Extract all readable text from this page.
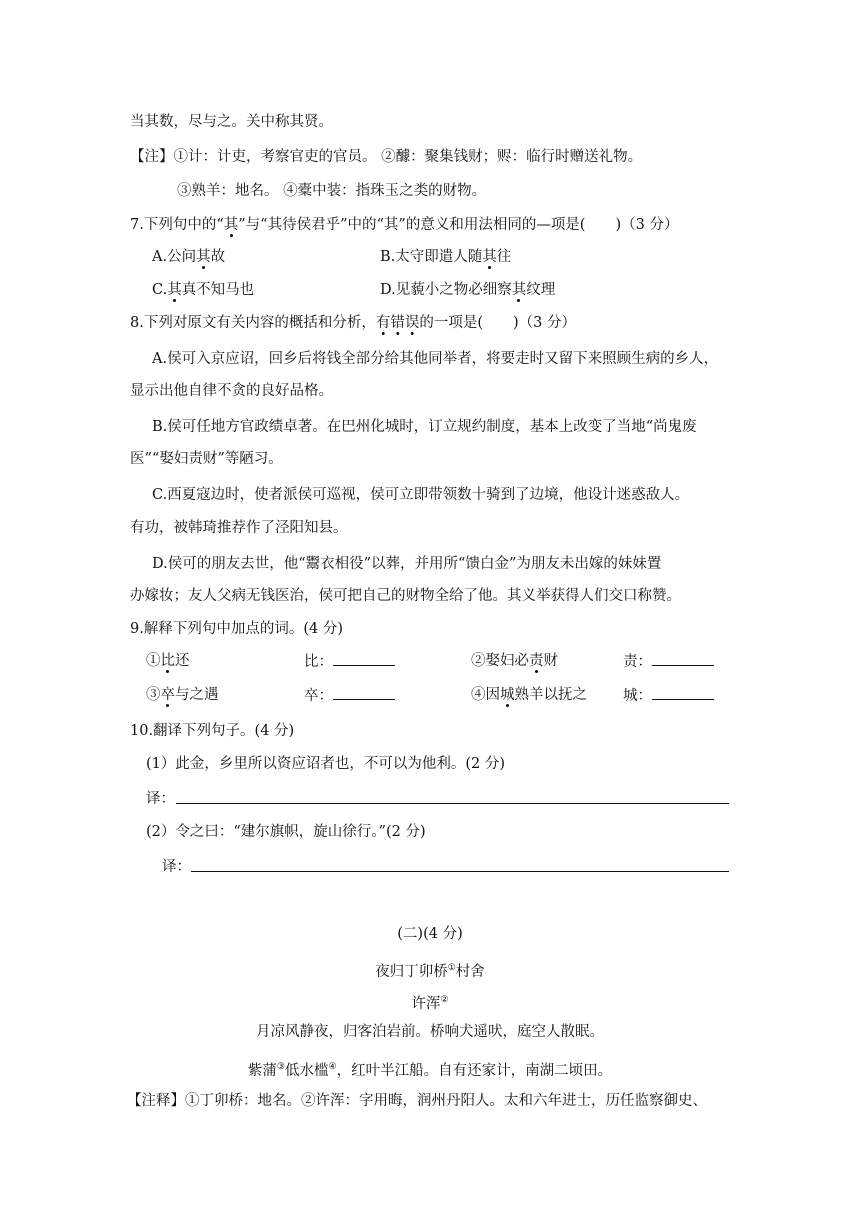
当其数，尽与之。关中称其贤。
【注】①计：计吏，考察官吏的官员。 ②醵：聚集钱财；赆：临行时赠送礼物。
③熟羊：地名。 ④橐中装：指珠玉之类的财物。
7.下列句中的“其”与“其待侯君乎”中的“其”的意义和用法相同的—项是( )（3 分）
A.公问其故	B.太守即遣人随其往
C.其真不知马也	D.见藐小之物必细察其纹理
8.下列对原文有关内容的概括和分析，有错误的一项是( )（3 分）
A.侯可入京应诏，回乡后将钱全部分给其他同举者，将要走时又留下来照顾生病的乡人，
显示出他自律不贪的良好品格。
B.侯可任地方官政绩卓著。在巴州化城时，订立规约制度，基本上改变了当地“尚鬼废
医”“娶妇责财”等陋习。
C.西夏寇边时，使者派侯可巡视，侯可立即带领数十骑到了边境，他设计迷惑敌人。
有功，被韩琦推荐作了泾阳知县。
D.侯可的朋友去世，他“鬻衣相役”以葬，并用所“馈白金”为朋友未出嫁的妹妹置
办嫁妆；友人父病无钱医治，侯可把自己的财物全给了他。其义举获得人们交口称赞。
9.解释下列句中加点的词。(4 分)
①比还	比：	②娶妇必责财	责：
③卒与之遇	卒：	④因城熟羊以抚之 城：
10.翻译下列句子。(4 分)
(1）此金，乡里所以资应诏者也，不可以为他利。(2 分)
译：
(2）令之曰：“建尔旗帜，旋山徐行。”(2 分)
译：
(二)(4 分)
夜归丁卯桥①村舍
许浑②
月凉风静夜，归客泊岩前。桥响犬遥吠，庭空人散眠。
紫蒲③低水槛④，红叶半江船。自有还家计，南湖二顷田。
【注释】①丁卯桥：地名。②许浑：字用晦，润州丹阳人。太和六年进士，历任监察御史、
